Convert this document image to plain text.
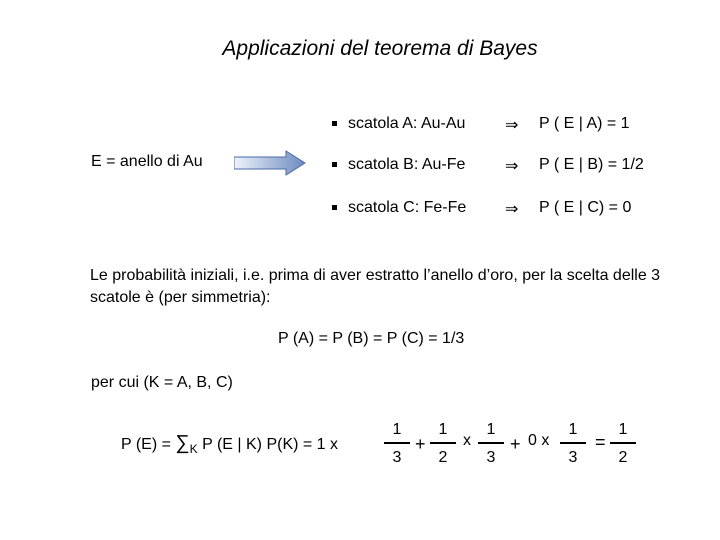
Applicazioni del teorema di Bayes
E = anello di Au
scatola A: Au-Au ⇒ P ( E | A) = 1
scatola B: Au-Fe ⇒ P ( E | B) = 1/2
scatola C: Fe-Fe ⇒ P ( E | C) = 0
Le probabilità iniziali, i.e. prima di aver estratto l’anello d’oro, per la scelta delle 3 scatole è (per simmetria):
P (A) = P (B) = P (C) = 1/3
per cui (K = A, B, C)
P $(E) = \sum_K$ P (E | K) P(K) = 1 x
1
3
+
1
2
x
1
3
+ 0 x
1
3
=
1
2
